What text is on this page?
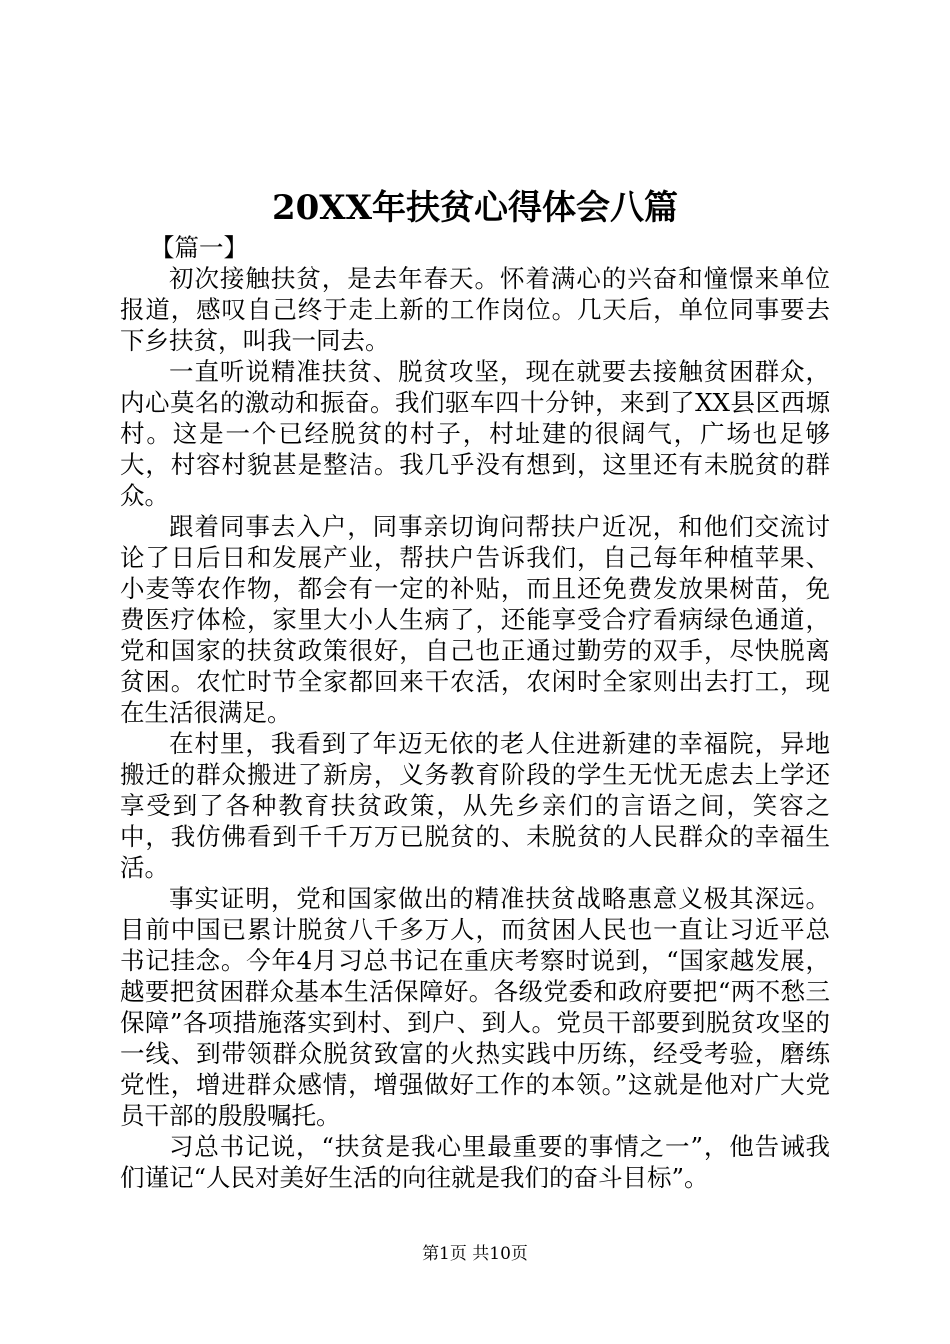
20XX年扶贫心得体会八篇

【篇一】

初次接触扶贫，是去年春天。怀着满心的兴奋和憧憬来单位报道，感叹自己终于走上新的工作岗位。几天后，单位同事要去下乡扶贫，叫我一同去。

一直听说精准扶贫、脱贫攻坚，现在就要去接触贫困群众，内心莫名的激动和振奋。我们驱车四十分钟，来到了XX县区西塬村。这是一个已经脱贫的村子，村址建的很阔气，广场也足够大，村容村貌甚是整洁。我几乎没有想到，这里还有未脱贫的群众。

跟着同事去入户，同事亲切询问帮扶户近况，和他们交流讨论了日后日和发展产业，帮扶户告诉我们，自己每年种植苹果、小麦等农作物，都会有一定的补贴，而且还免费发放果树苗，免费医疗体检，家里大小人生病了，还能享受合疗看病绿色通道，党和国家的扶贫政策很好，自己也正通过勤劳的双手，尽快脱离贫困。农忙时节全家都回来干农活，农闲时全家则出去打工，现在生活很满足。

在村里，我看到了年迈无依的老人住进新建的幸福院，异地搬迁的群众搬进了新房，义务教育阶段的学生无忧无虑去上学还享受到了各种教育扶贫政策，从先乡亲们的言语之间，笑容之中，我仿佛看到千千万万已脱贫的、未脱贫的人民群众的幸福生活。

事实证明，党和国家做出的精准扶贫战略惠意义极其深远。目前中国已累计脱贫八千多万人，而贫困人民也一直让习近平总书记挂念。今年4月习总书记在重庆考察时说到，“国家越发展，越要把贫困群众基本生活保障好。各级党委和政府要把“两不愁三保障”各项措施落实到村、到户、到人。党员干部要到脱贫攻坚的一线、到带领群众脱贫致富的火热实践中历练，经受考验，磨练党性，增进群众感情，增强做好工作的本领。”这就是他对广大党员干部的殷殷嘱托。

习总书记说，“扶贫是我心里最重要的事情之一”，他告诫我们谨记“人民对美好生活的向往就是我们的奋斗目标”。

第1页 共10页
